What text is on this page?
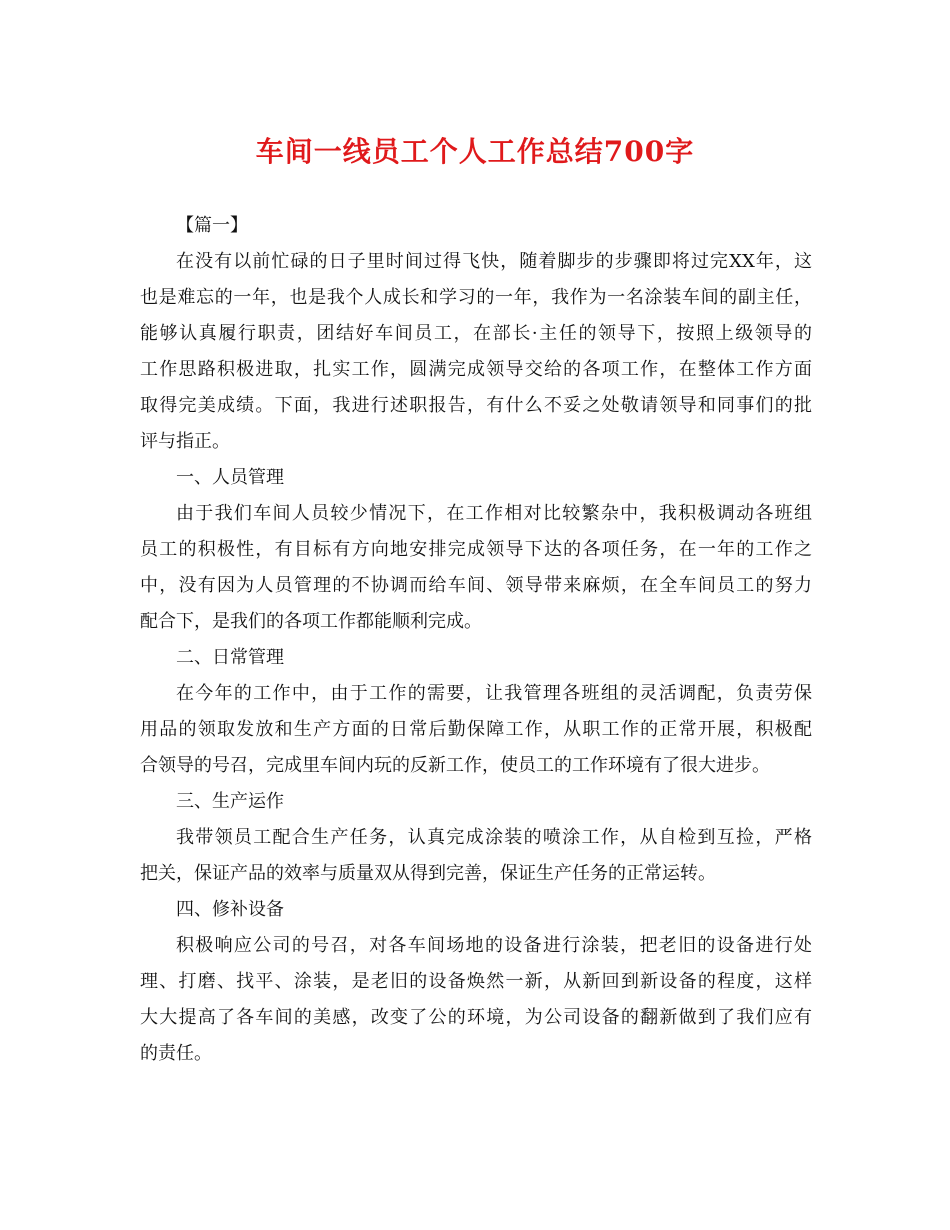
车间一线员工个人工作总结700字

【篇一】

在没有以前忙碌的日子里时间过得飞快，随着脚步的步骤即将过完XX年，这
也是难忘的一年，也是我个人成长和学习的一年，我作为一名涂装车间的副主任，
能够认真履行职责，团结好车间员工，在部长·主任的领导下，按照上级领导的
工作思路积极进取，扎实工作，圆满完成领导交给的各项工作，在整体工作方面
取得完美成绩。下面，我进行述职报告，有什么不妥之处敬请领导和同事们的批
评与指正。

一、人员管理

由于我们车间人员较少情况下，在工作相对比较繁杂中，我积极调动各班组
员工的积极性，有目标有方向地安排完成领导下达的各项任务，在一年的工作之
中，没有因为人员管理的不协调而给车间、领导带来麻烦，在全车间员工的努力
配合下，是我们的各项工作都能顺利完成。

二、日常管理

在今年的工作中，由于工作的需要，让我管理各班组的灵活调配，负责劳保
用品的领取发放和生产方面的日常后勤保障工作，从职工作的正常开展，积极配
合领导的号召，完成里车间内玩的反新工作，使员工的工作环境有了很大进步。

三、生产运作

我带领员工配合生产任务，认真完成涂装的喷涂工作，从自检到互捡，严格
把关，保证产品的效率与质量双从得到完善，保证生产任务的正常运转。

四、修补设备

积极响应公司的号召，对各车间场地的设备进行涂装，把老旧的设备进行处
理、打磨、找平、涂装，是老旧的设备焕然一新，从新回到新设备的程度，这样
大大提高了各车间的美感，改变了公的环境，为公司设备的翻新做到了我们应有
的责任。
